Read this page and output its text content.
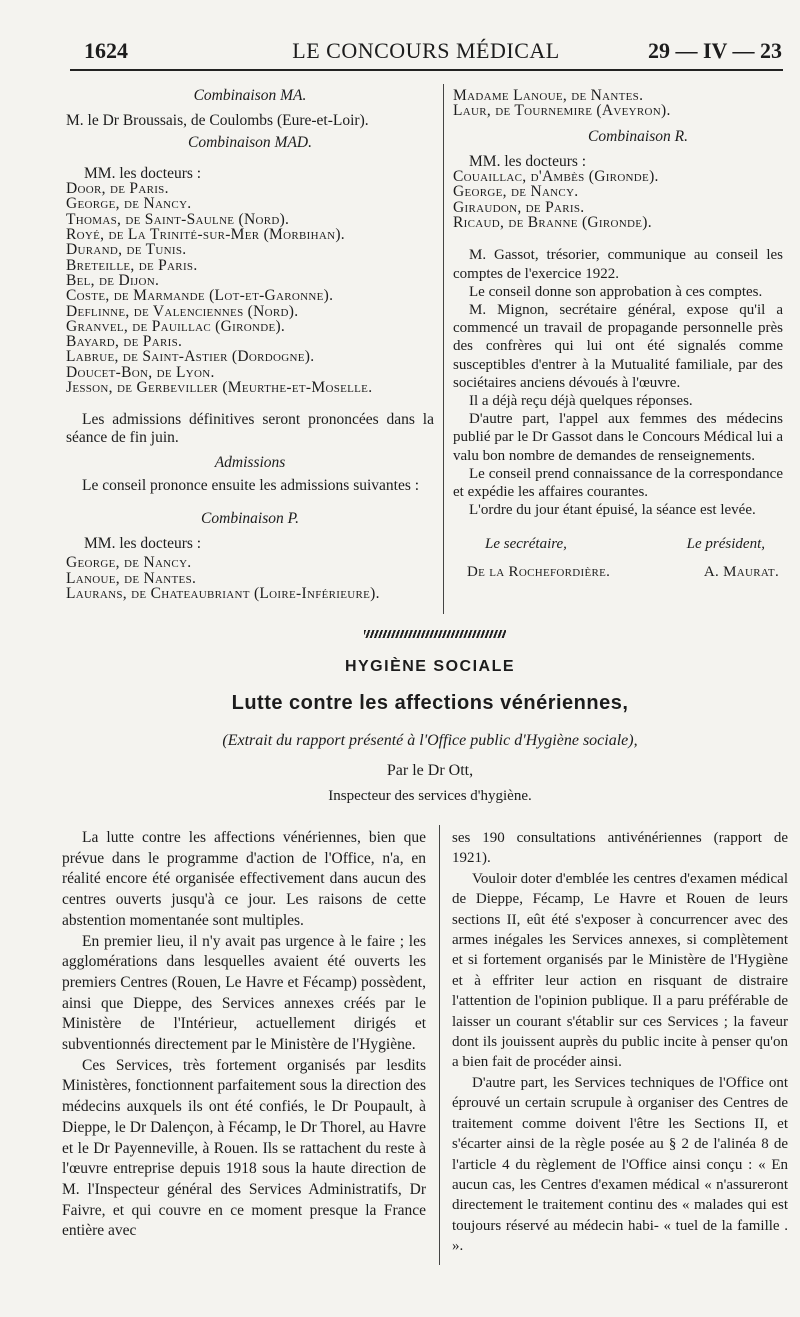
1624	LE CONCOURS MÉDICAL	29 — IV — 23
Combinaison MA.
M. le Dr Broussais, de Coulombs (Eure-et-Loir).
Combinaison MAD.
MM. les docteurs :
Door, de Paris.
George, de Nancy.
Thomas, de Saint-Saulne (Nord).
Royé, de La Trinité-sur-Mer (Morbihan).
Durand, de Tunis.
Breteille, de Paris.
Bel, de Dijon.
Coste, de Marmande (Lot-et-Garonne).
Deflinne, de Valenciennes (Nord).
Granvel, de Pauillac (Gironde).
Bayard, de Paris.
Labrue, de Saint-Astier (Dordogne).
Doucet-Bon, de Lyon.
Jesson, de Gerbeviller (Meurthe-et-Moselle.

Les admissions définitives seront prononcées dans la séance de fin juin.

Admissions

Le conseil prononce ensuite les admissions suivantes :

Combinaison P.
MM. les docteurs :
George, de Nancy.
Lanoue, de Nantes.
Laurans, de Chateaubriant (Loire-Inférieure).
Madame Lanoue, de Nantes.
Laur, de Tournemire (Aveyron).
Combinaison R.
MM. les docteurs :
Couaillac, d'Ambès (Gironde).
George, de Nancy.
Giraudon, de Paris.
Ricaud, de Branne (Gironde).

M. Gassot, trésorier, communique au conseil les comptes de l'exercice 1922.

Le conseil donne son approbation à ces comptes.

M. Mignon, secrétaire général, expose qu'il a commencé un travail de propagande personnelle près des confrères qui lui ont été signalés comme susceptibles d'entrer à la Mutualité familiale, par des sociétaires anciens dévoués à l'œuvre.

Il a déjà reçu déjà quelques réponses.

D'autre part, l'appel aux femmes des médecins publié par le Dr Gassot dans le Concours Médical lui a valu bon nombre de demandes de renseignements.

Le conseil prend connaissance de la correspondance et expédie les affaires courantes.

L'ordre du jour étant épuisé, la séance est levée.

Le secrétaire,	Le président,
De la Rochefordière.	A. Maurat.
HYGIÈNE SOCIALE
Lutte contre les affections vénériennes,
(Extrait du rapport présenté à l'Office public d'Hygiène sociale),
Par le Dr Ott,
Inspecteur des services d'hygiène.

La lutte contre les affections vénériennes, bien que prévue dans le programme d'action de l'Office, n'a, en réalité encore été organisée effectivement dans aucun des centres ouverts jusqu'à ce jour. Les raisons de cette abstention momentanée sont multiples.

En premier lieu, il n'y avait pas urgence à le faire ; les agglomérations dans lesquelles avaient été ouverts les premiers Centres (Rouen, Le Havre et Fécamp) possèdent, ainsi que Dieppe, des Services annexes créés par le Ministère de l'Intérieur, actuellement dirigés et subventionnés directement par le Ministère de l'Hygiène.

Ces Services, très fortement organisés par lesdits Ministères, fonctionnent parfaitement sous la direction des médecins auxquels ils ont été confiés, le Dr Poupault, à Dieppe, le Dr Dalençon, à Fécamp, le Dr Thorel, au Havre et le Dr Payenneville, à Rouen. Ils se rattachent du reste à l'œuvre entreprise depuis 1918 sous la haute direction de M. l'Inspecteur général des Services Administratifs, Dr Faivre, et qui couvre en ce moment presque la France entière avec

ses 190 consultations antivénériennes (rapport de 1921).

Vouloir doter d'emblée les centres d'examen médical de Dieppe, Fécamp, Le Havre et Rouen de leurs sections II, eût été s'exposer à concurrencer avec des armes inégales les Services annexes, si complètement et si fortement organisés par le Ministère de l'Hygiène et à effriter leur action en risquant de distraire l'attention de l'opinion publique. Il a paru préférable de laisser un courant s'établir sur ces Services ; la faveur dont ils jouissent auprès du public incite à penser qu'on a bien fait de procéder ainsi.

D'autre part, les Services techniques de l'Office ont éprouvé un certain scrupule à organiser des Centres de traitement comme doivent l'être les Sections II, et s'écarter ainsi de la règle posée au § 2 de l'alinéa 8 de l'article 4 du règlement de l'Office ainsi conçu : « En aucun cas, les Centres d'examen médical « n'assureront directement le traitement continu des « malades qui est toujours réservé au médecin habi- « tuel de la famille . ».
